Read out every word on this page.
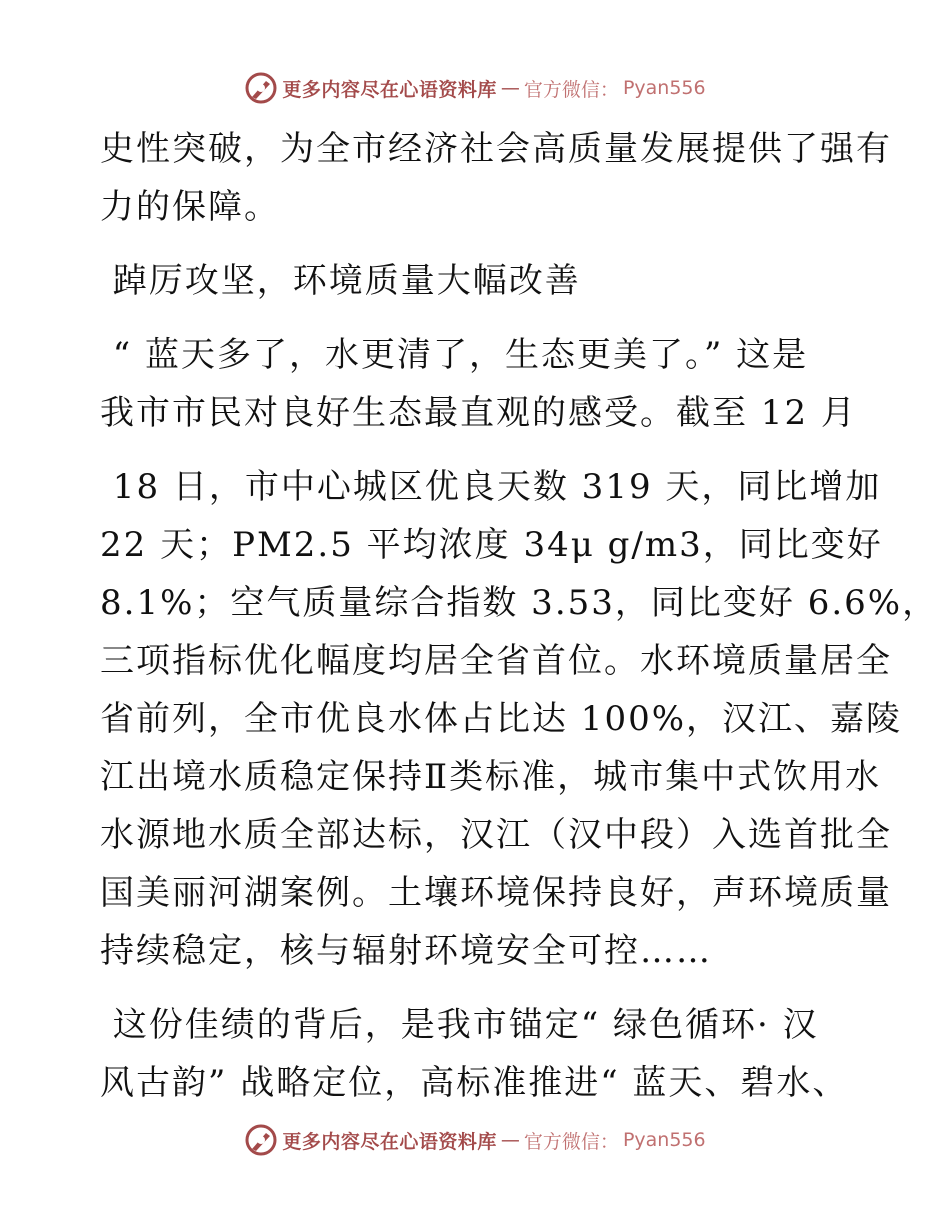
更多内容尽在心语资料库 — 官方微信： Pyan556

史性突破，为全市经济社会高质量发展提供了强有

力的保障。

踔厉攻坚，环境质量大幅改善

“ 蓝天多了，水更清了，生态更美了。” 这是

我市市民对良好生态最直观的感受。截至 12 月

18 日，市中心城区优良天数 319 天，同比增加

22 天；PM2.5 平均浓度 34μ g/m3，同比变好

8.1%；空气质量综合指数 3.53，同比变好 6.6%，

三项指标优化幅度均居全省首位。水环境质量居全

省前列，全市优良水体占比达 100%，汉江、嘉陵

江出境水质稳定保持Ⅱ类标准，城市集中式饮用水

水源地水质全部达标，汉江（汉中段）入选首批全

国美丽河湖案例。土壤环境保持良好，声环境质量

持续稳定，核与辐射环境安全可控……

这份佳绩的背后，是我市锚定“ 绿色循环· 汉

风古韵” 战略定位，高标准推进“ 蓝天、碧水、

更多内容尽在心语资料库 — 官方微信： Pyan556
